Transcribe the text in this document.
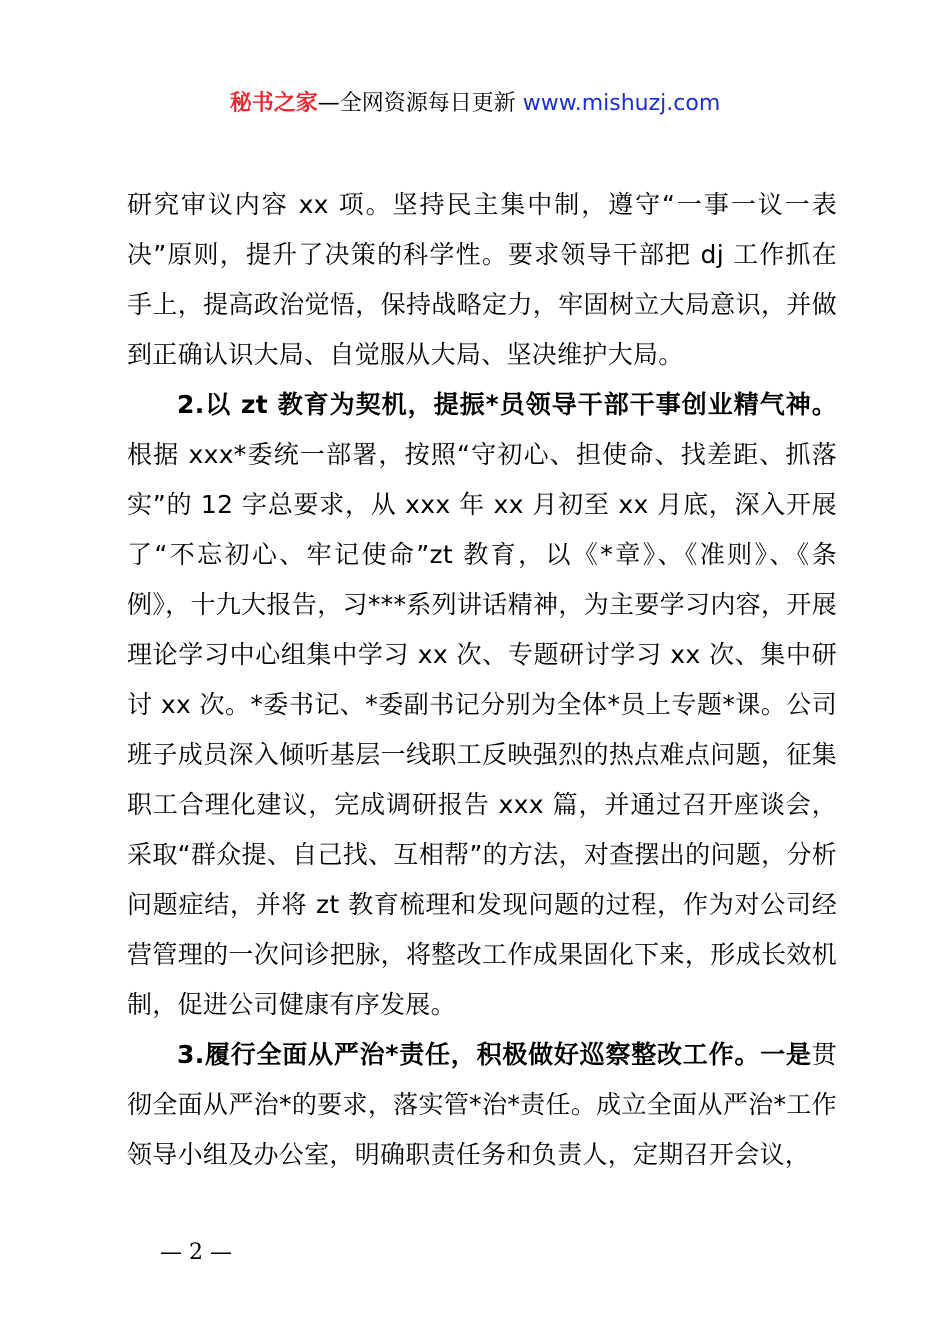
秘书之家—全网资源每日更新 www.mishuzj.com

研究审议内容 xx 项。坚持民主集中制，遵守“一事一议一表决”原则，提升了决策的科学性。要求领导干部把 dj 工作抓在手上，提高政治觉悟，保持战略定力，牢固树立大局意识，并做到正确认识大局、自觉服从大局、坚决维护大局。

2.以 zt 教育为契机，提振*员领导干部干事创业精气神。根据 xxx*委统一部署，按照“守初心、担使命、找差距、抓落实”的 12 字总要求，从 xxx 年 xx 月初至 xx 月底，深入开展了“不忘初心、牢记使命”zt 教育，以《*章》、《准则》、《条例》，十九大报告，习***系列讲话精神，为主要学习内容，开展理论学习中心组集中学习 xx 次、专题研讨学习 xx 次、集中研讨 xx 次。*委书记、*委副书记分别为全体*员上专题*课。公司班子成员深入倾听基层一线职工反映强烈的热点难点问题，征集职工合理化建议，完成调研报告 xxx 篇，并通过召开座谈会，采取“群众提、自己找、互相帮”的方法，对查摆出的问题，分析问题症结，并将 zt 教育梳理和发现问题的过程，作为对公司经营管理的一次问诊把脉，将整改工作成果固化下来，形成长效机制，促进公司健康有序发展。

3.履行全面从严治*责任，积极做好巡察整改工作。一是贯彻全面从严治*的要求，落实管*治*责任。成立全面从严治*工作领导小组及办公室，明确职责任务和负责人，定期召开会议，

— 2 —
